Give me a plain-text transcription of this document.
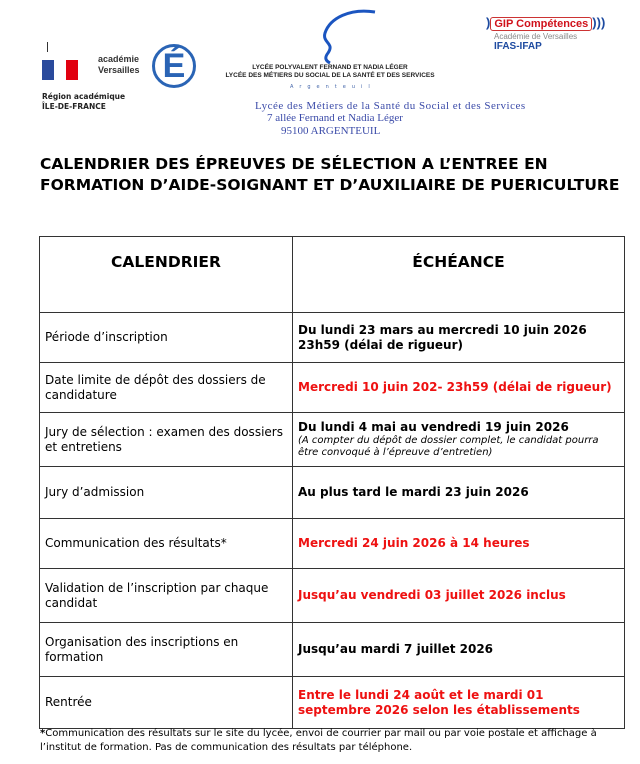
Région académique
ÎLE-DE-FRANCE
académie
Versailles É	LYCÉE POLYVALENT FERNAND ET NADIA LÉGER
LYCÉE DES MÉTIERS DU SOCIAL DE LA SANTÉ ET DES SERVICES
Argenteuil
) GIP Compétences )))
Académie de Versailles
IFAS-IFAP
Lycée des Métiers de la Santé du Social et des Services
7 allée Fernand et Nadia Léger
95100 ARGENTEUIL
CALENDRIER DES ÉPREUVES DE SÉLECTION A L’ENTREE EN FORMATION D’AIDE-SOIGNANT ET D’AUXILIAIRE DE PUERICULTURE
CALENDRIER	ÉCHÉANCE
Période d’inscription	Du lundi 23 mars au mercredi 10 juin 2026 23h59 (délai de rigueur)
Date limite de dépôt des dossiers de candidature	Mercredi 10 juin 202- 23h59 (délai de rigueur)
Jury de sélection : examen des dossiers et entretiens	Du lundi 4 mai au vendredi 19 juin 2026
(A compter du dépôt de dossier complet, le candidat pourra être convoqué à l’épreuve d’entretien)

Jury d’admission	Au plus tard le mardi 23 juin 2026
Communication des résultats*	Mercredi 24 juin 2026 à 14 heures
Validation de l’inscription par chaque candidat	Jusqu’au vendredi 03 juillet 2026 inclus
Organisation des inscriptions en formation	Jusqu’au mardi 7 juillet 2026
Rentrée	Entre le lundi 24 août et le mardi 01 septembre 2026 selon les établissements
*Communication des résultats sur le site du lycée, envoi de courrier par mail ou par voie postale et affichage à l’institut de formation. Pas de communication des résultats par téléphone.
